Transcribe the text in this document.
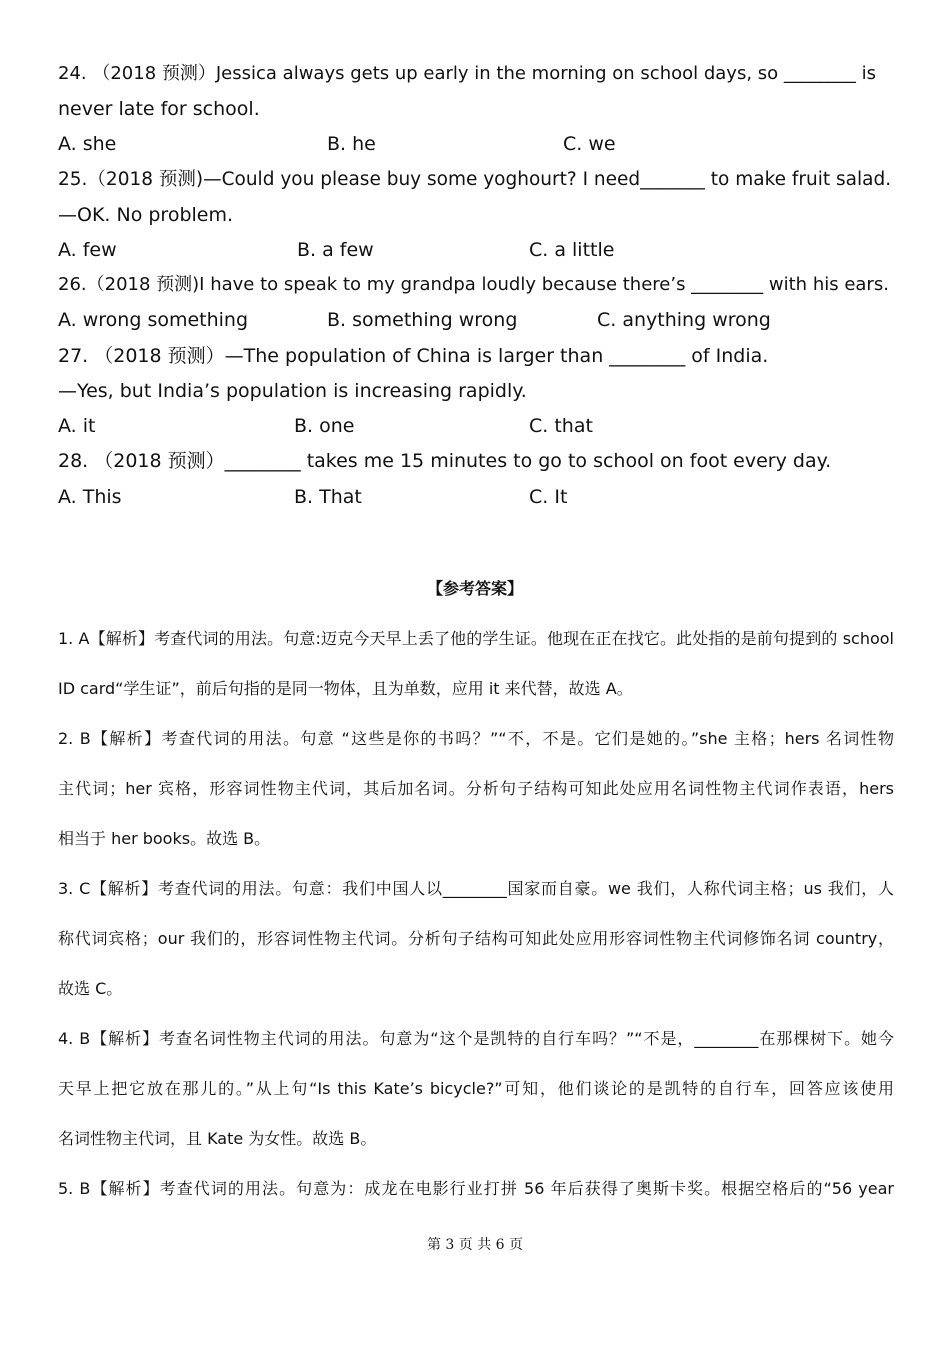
24. （2018 预测）Jessica always gets up early in the morning on school days, so ________ is
never late for school.
A. she	B. he	C. we
25.（2018 预测)—Could you please buy some yoghourt? I need_______ to make fruit salad.
—OK. No problem.
A. few	B. a few	C. a little
26.（2018 预测)I have to speak to my grandpa loudly because there’s ________ with his ears.
A. wrong something	B. something wrong	C. anything wrong
27. （2018 预测）—The population of China is larger than ________ of India.
—Yes, but India’s population is increasing rapidly.
A. it	B. one	C. that
28. （2018 预测）________ takes me 15 minutes to go to school on foot every day.
A. This	B. That	C. It
【参考答案】
1. A【解析】考查代词的用法。句意:迈克今天早上丢了他的学生证。他现在正在找它。此处指的是前句提到的 school
ID card“学生证”，前后句指的是同一物体，且为单数，应用 it 来代替，故选 A。
2. B【解析】考查代词的用法。句意 “这些是你的书吗？”“不，不是。它们是她的。”she 主格；hers 名词性物
主代词；her 宾格，形容词性物主代词，其后加名词。分析句子结构可知此处应用名词性物主代词作表语，hers
相当于 her books。故选 B。
3. C【解析】考查代词的用法。句意：我们中国人以________国家而自豪。we 我们，人称代词主格；us 我们，人
称代词宾格；our 我们的，形容词性物主代词。分析句子结构可知此处应用形容词性物主代词修饰名词 country，
故选 C。
4. B【解析】考查名词性物主代词的用法。句意为“这个是凯特的自行车吗？”“不是，________在那棵树下。她今
天早上把它放在那儿的。”从上句“Is this Kate’s bicycle?”可知，他们谈论的是凯特的自行车，回答应该使用
名词性物主代词，且 Kate 为女性。故选 B。
5. B【解析】考查代词的用法。句意为：成龙在电影行业打拼 56 年后获得了奥斯卡奖。根据空格后的“56 year
第 3 页 共 6 页
